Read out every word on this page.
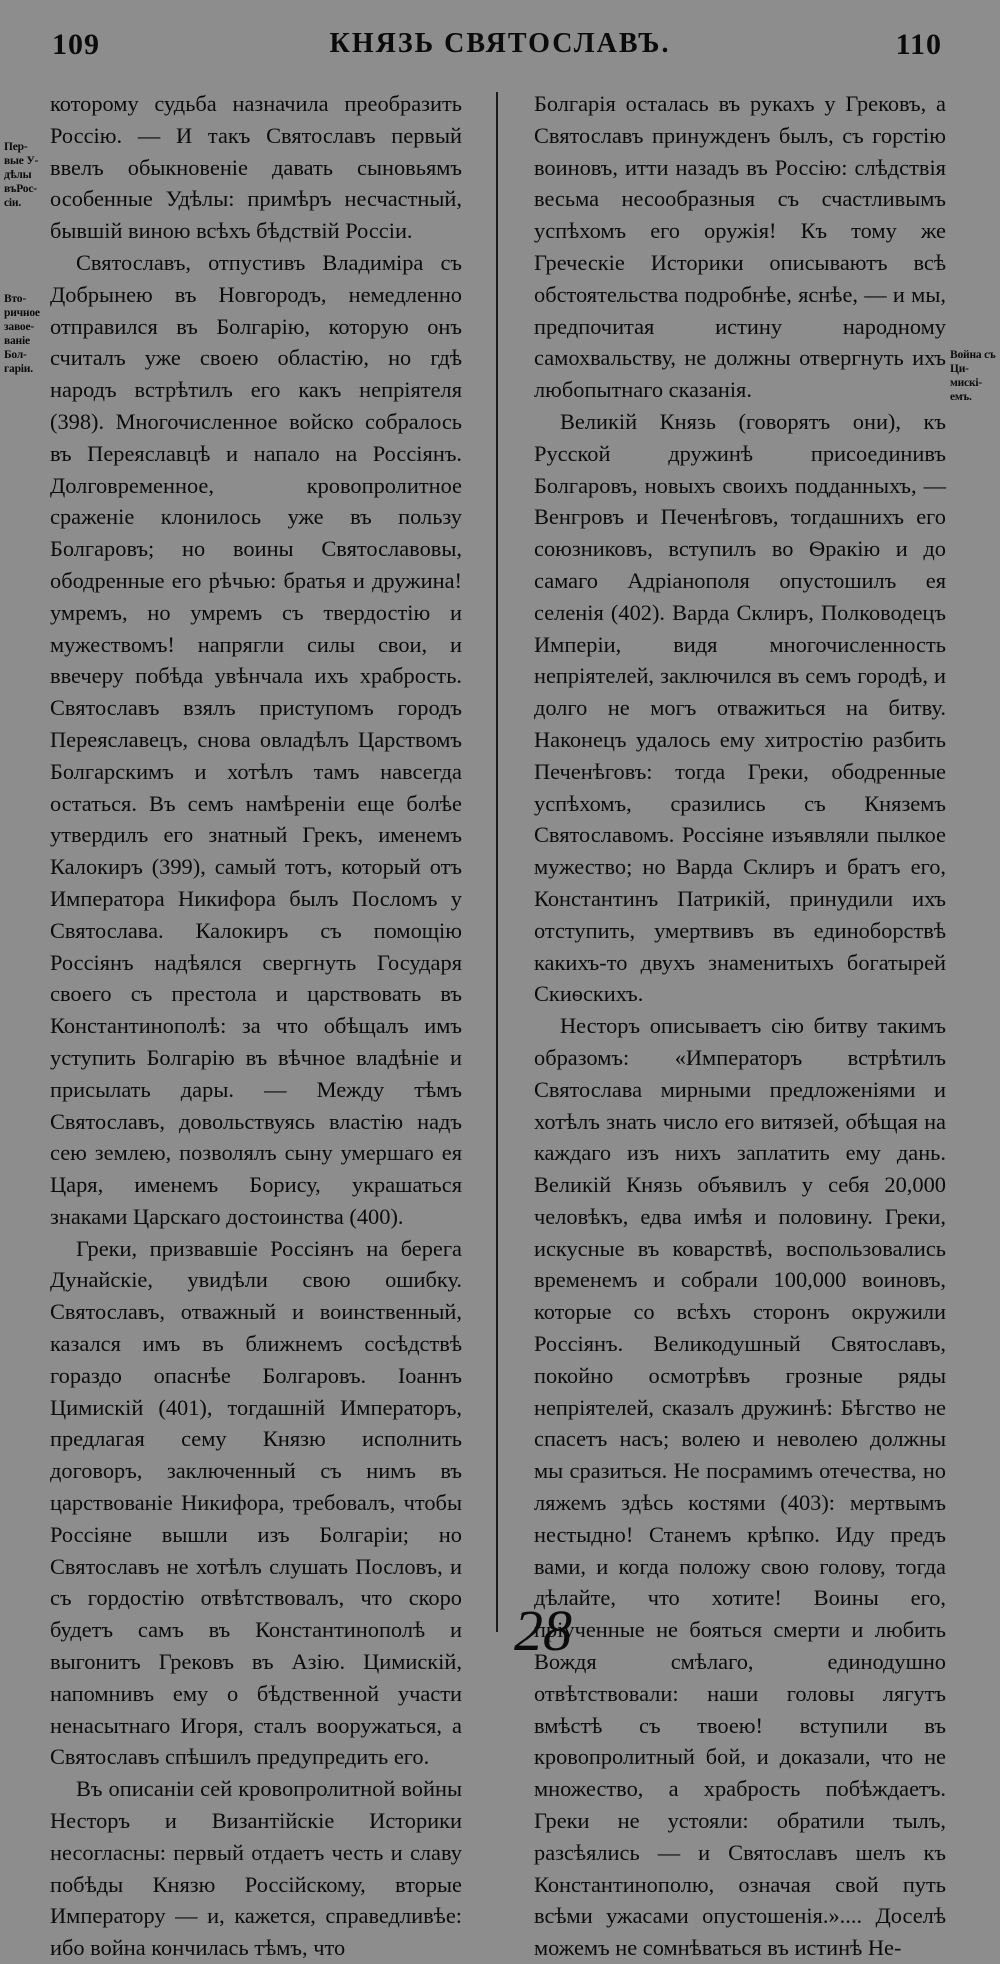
109	КНЯЗЬ СВЯТОСЛАВЪ.	110
Пер- вые У- дѣлы въРос- сіи.
Вто- ричное завое- ваніе Бол- гаріи.
Война съ Ци- мискі- емъ.

которому судьба назначила преобразить Россію. — И такъ Святославъ первый ввелъ обыкновеніе давать сыновьямъ особенные Удѣлы: примѣръ несчастный, бывшій виною всѣхъ бѣдствій Россіи.

Святославъ, отпустивъ Владиміра съ Добрынею въ Новгородъ, немедленно отправился въ Болгарію, которую онъ считалъ уже своею областію, но гдѣ народъ встрѣтилъ его какъ непріятеля (398). Многочисленное войско собралось въ Переяславцѣ и напало на Россіянъ. Долговременное, кровопролитное сраженіе клонилось уже въ пользу Болгаровъ; но воины Святославовы, ободренные его рѣчью: братья и дружина! умремъ, но умремъ съ твердостію и мужествомъ! напрягли силы свои, и ввечеру побѣда увѣнчала ихъ храбрость. Святославъ взялъ приступомъ городъ Переяславецъ, снова овладѣлъ Царствомъ Болгарскимъ и хотѣлъ тамъ навсегда остаться. Въ семъ намѣреніи еще болѣе утвердилъ его знатный Грекъ, именемъ Калокиръ (399), самый тотъ, который отъ Императора Никифора былъ Посломъ у Святослава. Калокиръ съ помощію Россіянъ надѣялся свергнуть Государя своего съ престола и царствовать въ Константинополѣ: за что обѣщалъ имъ уступить Болгарію въ вѣчное владѣніе и присылать дары. — Между тѣмъ Святославъ, довольствуясь властію надъ сею землею, позволялъ сыну умершаго ея Царя, именемъ Борису, украшаться знаками Царскаго достоинства (400).

Греки, призвавшіе Россіянъ на берега Дунайскіе, увидѣли свою ошибку. Святославъ, отважный и воинственный, казался имъ въ ближнемъ сосѣдствѣ гораздо опаснѣе Болгаровъ. Іоаннъ Цимискій (401), тогдашній Императоръ, предлагая сему Князю исполнить договоръ, заключенный съ нимъ въ царствованіе Никифора, требовалъ, чтобы Россіяне вышли изъ Болгаріи; но Святославъ не хотѣлъ слушать Пословъ, и съ гордостію отвѣтствовалъ, что скоро будетъ самъ въ Константинополѣ и выгонитъ Грековъ въ Азію. Цимискій, напомнивъ ему о бѣдственной участи ненасытнаго Игоря, сталъ вооружаться, а Святославъ спѣшилъ предупредить его.

Въ описаніи сей кровопролитной войны Несторъ и Византійскіе Историки несогласны: первый отдаетъ честь и славу побѣды Князю Россійскому, вторые Императору — и, кажется, справедливѣе: ибо война кончилась тѣмъ, что

Болгарія осталась въ рукахъ у Грековъ, а Святославъ принужденъ былъ, съ горстію воиновъ, итти назадъ въ Россію: слѣдствія весьма несообразныя съ счастливымъ успѣхомъ его оружія! Къ тому же Греческіе Историки описываютъ всѣ обстоятельства подробнѣе, яснѣе, — и мы, предпочитая истину народному самохвальству, не должны отвергнуть ихъ любопытнаго сказанія.

Великій Князь (говорятъ они), къ Русской дружинѣ присоединивъ Болгаровъ, новыхъ своихъ подданныхъ, — Венгровъ и Печенѣговъ, тогдашнихъ его союзниковъ, вступилъ во Ѳракію и до самаго Адріанополя опустошилъ ея селенія (402). Варда Склиръ, Полководецъ Имперіи, видя многочисленность непріятелей, заключился въ семъ городѣ, и долго не могъ отважиться на битву. Наконецъ удалось ему хитростію разбить Печенѣговъ: тогда Греки, ободренные успѣхомъ, сразились съ Княземъ Святославомъ. Россіяне изъявляли пылкое мужество; но Варда Склиръ и братъ его, Константинъ Патрикій, принудили ихъ отступить, умертвивъ въ единоборствѣ какихъ-то двухъ знаменитыхъ богатырей Скиѳскихъ.

Несторъ описываетъ сію битву такимъ образомъ: «Императоръ встрѣтилъ Святослава мирными предложеніями и хотѣлъ знать число его витязей, обѣщая на каждаго изъ нихъ заплатить ему дань. Великій Князь объявилъ у себя 20,000 человѣкъ, едва имѣя и половину. Греки, искусные въ коварствѣ, воспользовались временемъ и собрали 100,000 воиновъ, которые со всѣхъ сторонъ окружили Россіянъ. Великодушный Святославъ, покойно осмотрѣвъ грозные ряды непріятелей, сказалъ дружинѣ: Бѣгство не спасетъ насъ; волею и неволею должны мы сразиться. Не посрамимъ отечества, но ляжемъ здѣсь костями (403): мертвымъ нестыдно! Станемъ крѣпко. Иду предъ вами, и когда положу свою голову, тогда дѣлайте, что хотите! Воины его, пріученные не бояться смерти и любить Вождя смѣлаго, единодушно отвѣтствовали: наши головы лягутъ вмѣстѣ съ твоею! вступили въ кровопролитный бой, и доказали, что не множество, а храбрость побѣждаетъ. Греки не устояли: обратили тылъ, разсѣялись — и Святославъ шелъ къ Константинополю, означая свой путь всѣми ужасами опустошенія.».... Доселѣ можемъ не сомнѣваться въ истинѣ Не-

28
